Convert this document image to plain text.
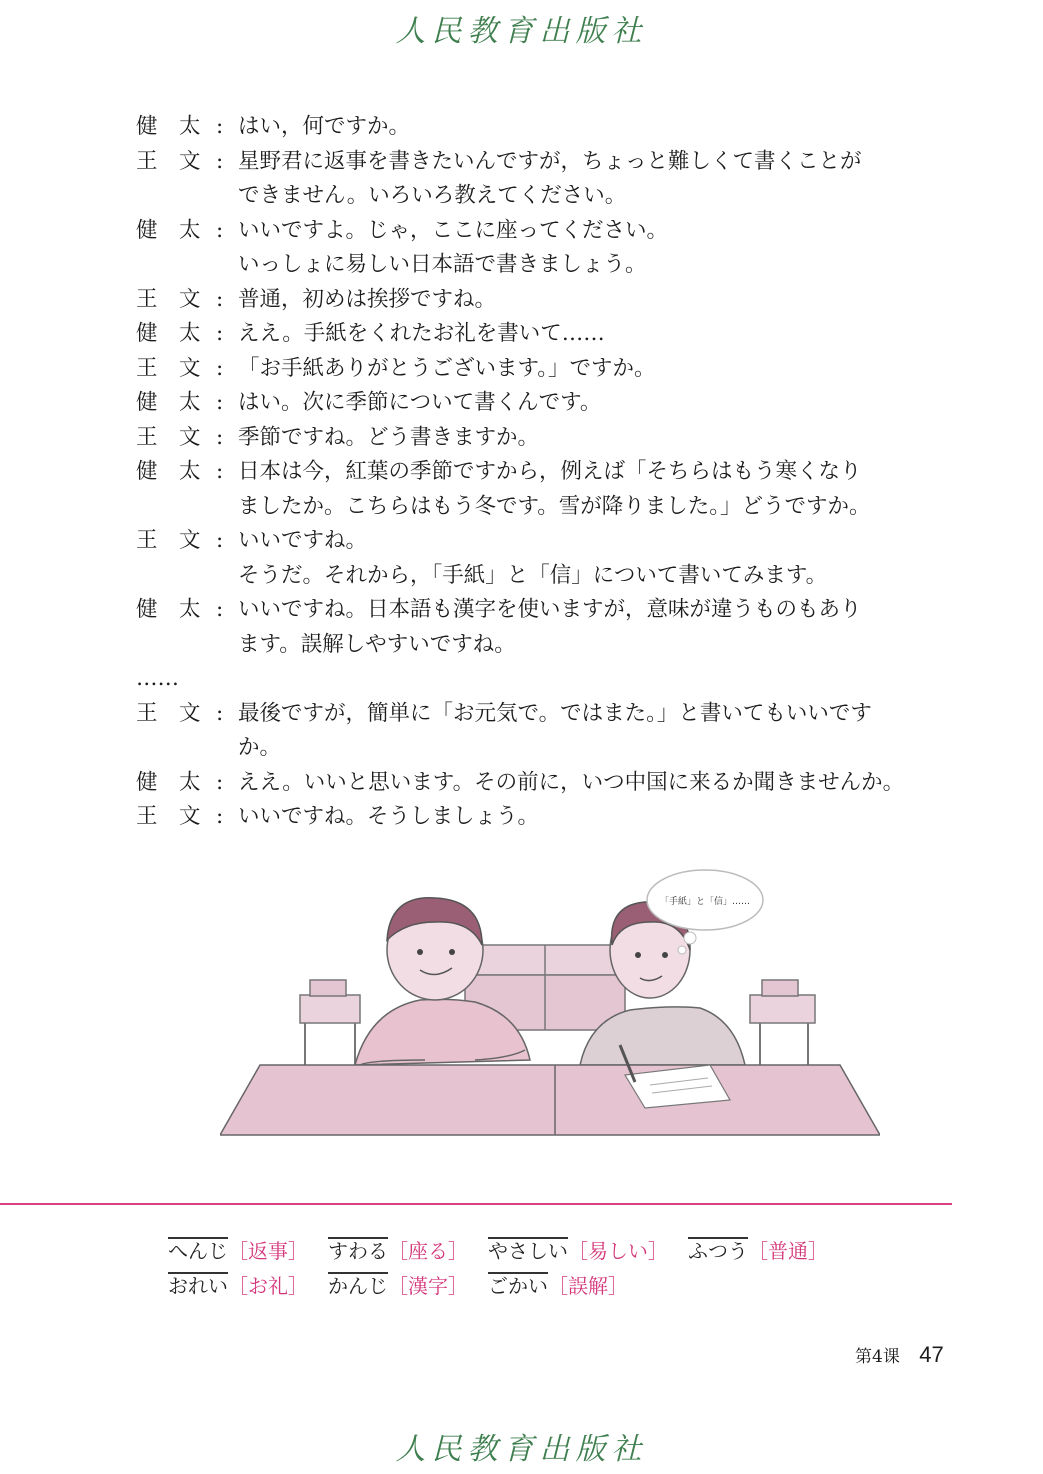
人民教育出版社
健　太 : はい，何ですか。
王　文 : 星野君に返事を書きたいんですが，ちょっと難しくて書くことが
できません。いろいろ教えてください。
健　太 : いいですよ。じゃ，ここに座ってください。
いっしょに易しい日本語で書きましょう。
王　文 : 普通，初めは挨拶ですね。
健　太 : ええ。手紙をくれたお礼を書いて……
王　文 : 「お手紙ありがとうございます。」ですか。
健　太 : はい。次に季節について書くんです。
王　文 : 季節ですね。どう書きますか。
健　太 : 日本は今，紅葉の季節ですから，例えば「そちらはもう寒くなり
ましたか。こちらはもう冬です。雪が降りました。」どうですか。
王　文 : いいですね。
そうだ。それから，「手紙」と「信」について書いてみます。
健　太 : いいですね。日本語も漢字を使いますが，意味が違うものもあり
ます。誤解しやすいですね。
……
王　文 : 最後ですが，簡単に「お元気で。ではまた。」と書いてもいいです
か。
健　太 : ええ。いいと思います。その前に，いつ中国に来るか聞きませんか。
王　文 : いいですね。そうしましょう。
「手紙」と「信」……
へんじ［返事］ すわる［座る］ やさしい［易しい］ ふつう［普通］
おれい［お礼］ かんじ［漢字］ ごかい［誤解］
第4课 47
人民教育出版社
